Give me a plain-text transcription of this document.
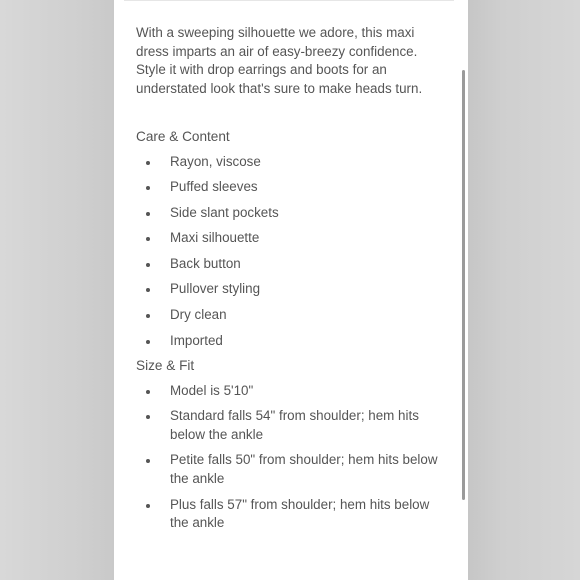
With a sweeping silhouette we adore, this maxi dress imparts an air of easy-breezy confidence. Style it with drop earrings and boots for an understated look that's sure to make heads turn.

Care & Content
Rayon, viscose
Puffed sleeves
Side slant pockets
Maxi silhouette
Back button
Pullover styling
Dry clean
Imported
Size & Fit
Model is 5'10"
Standard falls 54" from shoulder; hem hits below the ankle
Petite falls 50" from shoulder; hem hits below the ankle
Plus falls 57" from shoulder; hem hits below the ankle
